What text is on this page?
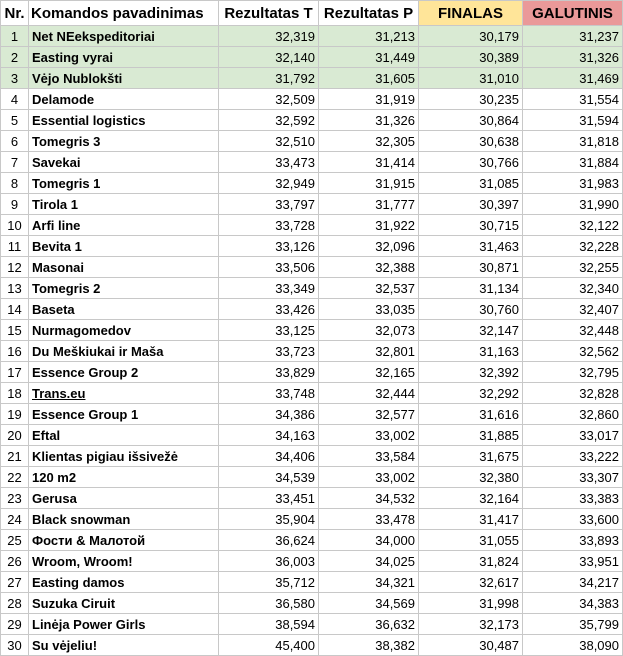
Nr.	Komandos pavadinimas	Rezultatas T	Rezultatas P	FINALAS	GALUTINIS
1	Net NEekspeditoriai	32,319	31,213	30,179	31,237
2	Easting vyrai	32,140	31,449	30,389	31,326
3	Vėjo Nublokšti	31,792	31,605	31,010	31,469
4	Delamode	32,509	31,919	30,235	31,554
5	Essential logistics	32,592	31,326	30,864	31,594
6	Tomegris 3	32,510	32,305	30,638	31,818
7	Savekai	33,473	31,414	30,766	31,884
8	Tomegris 1	32,949	31,915	31,085	31,983
9	Tirola 1	33,797	31,777	30,397	31,990
10	Arfi line	33,728	31,922	30,715	32,122
11	Bevita 1	33,126	32,096	31,463	32,228
12	Masonai	33,506	32,388	30,871	32,255
13	Tomegris 2	33,349	32,537	31,134	32,340
14	Baseta	33,426	33,035	30,760	32,407
15	Nurmagomedov	33,125	32,073	32,147	32,448
16	Du Meškiukai ir Maša	33,723	32,801	31,163	32,562
17	Essence Group 2	33,829	32,165	32,392	32,795
18	Trans.eu	33,748	32,444	32,292	32,828
19	Essence Group 1	34,386	32,577	31,616	32,860
20	Eftal	34,163	33,002	31,885	33,017
21	Klientas pigiau išsivežė	34,406	33,584	31,675	33,222
22	120 m2	34,539	33,002	32,380	33,307
23	Gerusa	33,451	34,532	32,164	33,383
24	Black snowman	35,904	33,478	31,417	33,600
25	Фости & Малотой	36,624	34,000	31,055	33,893
26	Wroom, Wroom!	36,003	34,025	31,824	33,951
27	Easting damos	35,712	34,321	32,617	34,217
28	Suzuka Ciruit	36,580	34,569	31,998	34,383
29	Linėja Power Girls	38,594	36,632	32,173	35,799
30	Su vėjeliu!	45,400	38,382	30,487	38,090
